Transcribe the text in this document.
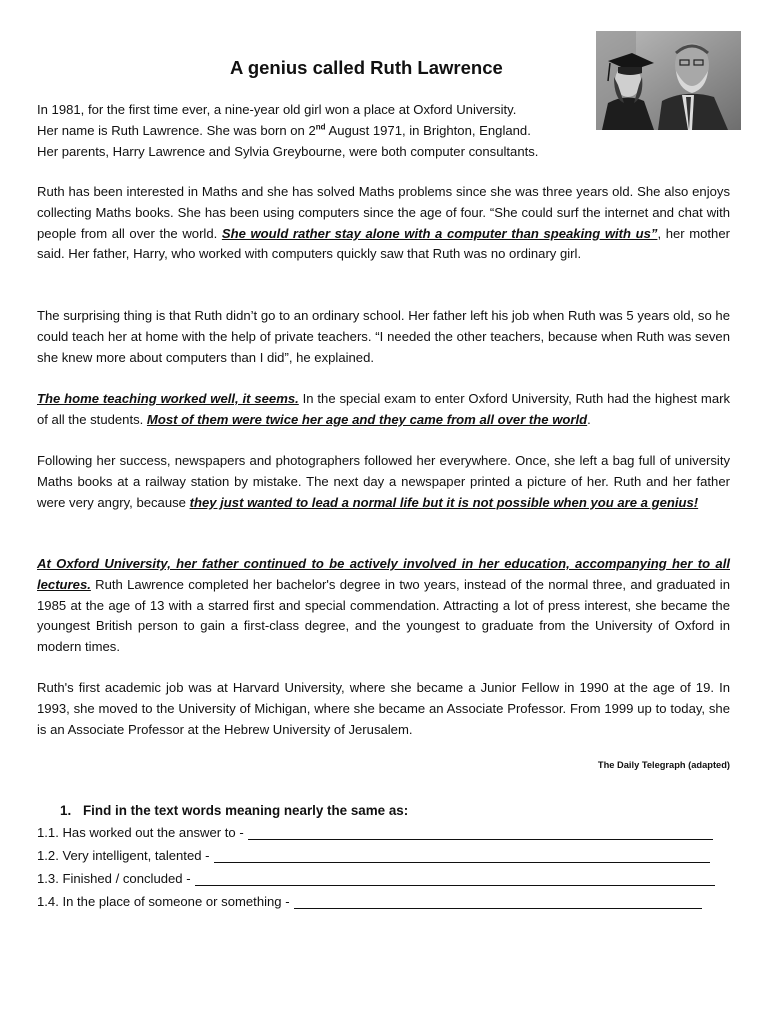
A genius called Ruth Lawrence

In 1981, for the first time ever, a nine-year old girl won a place at Oxford University.
Her name is Ruth Lawrence. She was born on 2nd August 1971, in Brighton, England.
Her parents, Harry Lawrence and Sylvia Greybourne, were both computer consultants.

Ruth has been interested in Maths and she has solved Maths problems since she was three years old. She also enjoys collecting Maths books. She has been using computers since the age of four. “She could surf the internet and chat with people from all over the world. She would rather stay alone with a computer than speaking with us”, her mother said. Her father, Harry, who worked with computers quickly saw that Ruth was no ordinary girl.

The surprising thing is that Ruth didn’t go to an ordinary school. Her father left his job when Ruth was 5 years old, so he could teach her at home with the help of private teachers. “I needed the other teachers, because when Ruth was seven she knew more about computers than I did”, he explained.

The home teaching worked well, it seems. In the special exam to enter Oxford University, Ruth had the highest mark of all the students. Most of them were twice her age and they came from all over the world.

Following her success, newspapers and photographers followed her everywhere. Once, she left a bag full of university Maths books at a railway station by mistake. The next day a newspaper printed a picture of her. Ruth and her father were very angry, because they just wanted to lead a normal life but it is not possible when you are a genius!

At Oxford University, her father continued to be actively involved in her education, accompanying her to all lectures. Ruth Lawrence completed her bachelor's degree in two years, instead of the normal three, and graduated in 1985 at the age of 13 with a starred first and special commendation. Attracting a lot of press interest, she became the youngest British person to gain a first-class degree, and the youngest to graduate from the University of Oxford in modern times.

Ruth's first academic job was at Harvard University, where she became a Junior Fellow in 1990 at the age of 19. In 1993, she moved to the University of Michigan, where she became an Associate Professor. From 1999 up to today, she is an Associate Professor at the Hebrew University of Jerusalem.

The Daily Telegraph (adapted)
1. Find in the text words meaning nearly the same as:
1.1. Has worked out the answer to -
1.2. Very intelligent, talented -
1.3. Finished / concluded -
1.4. In the place of someone or something -
